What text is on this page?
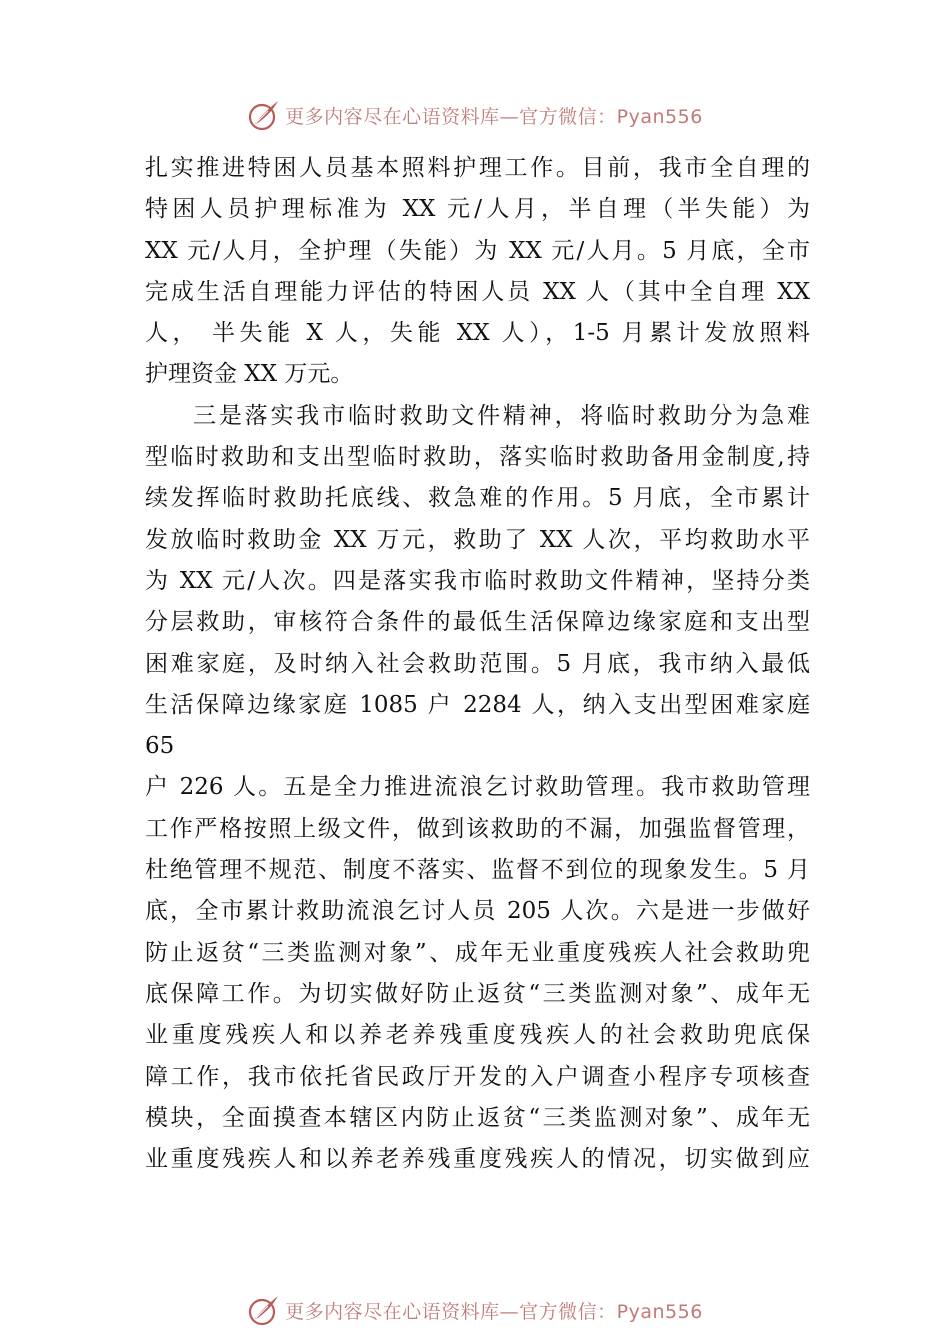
更多内容尽在心语资料库—官方微信：Pyan556
扎实推进特困人员基本照料护理工作。目前，我市全自理的
特困人员护理标准为 XX 元/人月，半自理（半失能）为
XX 元/人月，全护理（失能）为 XX 元/人月。5 月底，全市
完成生活自理能力评估的特困人员 XX 人（其中全自理 XX
人， 半失能 X 人，失能 XX 人），1-5 月累计发放照料
护理资金 XX 万元。
三是落实我市临时救助文件精神，将临时救助分为急难
型临时救助和支出型临时救助，落实临时救助备用金制度,持
续发挥临时救助托底线、救急难的作用。5 月底，全市累计
发放临时救助金 XX 万元，救助了 XX 人次，平均救助水平
为 XX 元/人次。四是落实我市临时救助文件精神，坚持分类
分层救助，审核符合条件的最低生活保障边缘家庭和支出型
困难家庭，及时纳入社会救助范围。5 月底，我市纳入最低
生活保障边缘家庭 1085 户 2284 人，纳入支出型困难家庭
65
户 226 人。五是全力推进流浪乞讨救助管理。我市救助管理
工作严格按照上级文件，做到该救助的不漏，加强监督管理，
杜绝管理不规范、制度不落实、监督不到位的现象发生。5 月
底，全市累计救助流浪乞讨人员 205 人次。六是进一步做好
防止返贫“三类监测对象”、成年无业重度残疾人社会救助兜
底保障工作。为切实做好防止返贫“三类监测对象”、成年无
业重度残疾人和以养老养残重度残疾人的社会救助兜底保
障工作，我市依托省民政厅开发的入户调查小程序专项核查
模块，全面摸查本辖区内防止返贫“三类监测对象”、成年无
业重度残疾人和以养老养残重度残疾人的情况，切实做到应
更多内容尽在心语资料库—官方微信：Pyan556
